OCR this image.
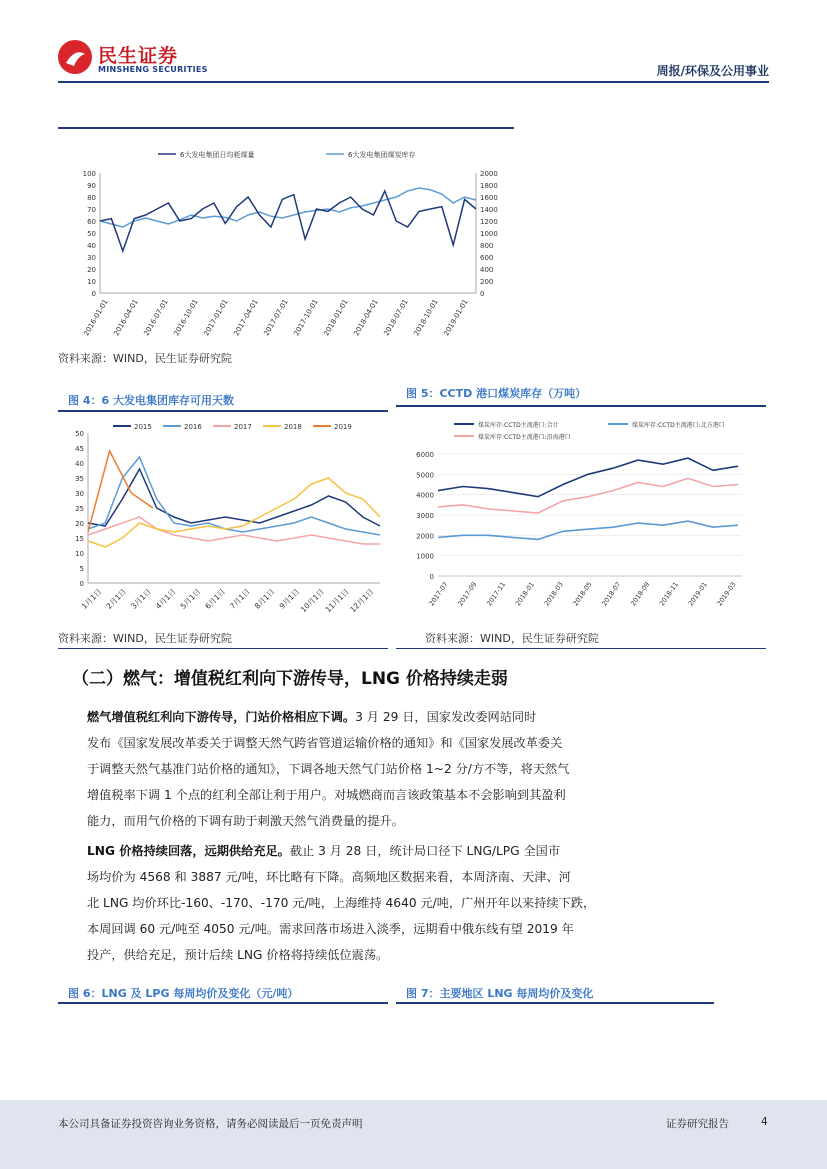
民生证券
MINSHENG SECURITIES	周报/环保及公用事业
6大发电集团日均耗煤量	6大发电集团煤炭库存
0
10
20
30
40
50
60
70
80
90
100
0
200
400
600
800
1000
1200
1400
1600
1800
2000
2016-01-01 2016-04-01 2016-07-01 2016-10-01 2017-01-01 2017-04-01 2017-07-01 2017-10-01 2018-01-01 2018-04-01 2018-07-01 2018-10-01 2019-01-01
资料来源：WIND，民生证券研究院
图 4：6 大发电集团库存可用天数
图 5：CCTD 港口煤炭库存（万吨）
2015	2016	2017	2018	2019
0
5
10
15
20
25
30
35
40
45
50
1月1日 2月1日 3月1日 4月1日 5月1日 6月1日 7月1日 8月1日 9月1日
10月1日
11月1日
12月1日
煤炭库存:CCTD主流港口:合计	煤炭库存:CCTD主流港口:北方港口
煤炭库存:CCTD主流港口:沿海港口
0
1000
2000
3000
4000
5000
6000
2017-07 2017-09 2017-11 2018-01 2018-03 2018-05 2018-07 2018-09 2018-11 2019-01 2019-03
资料来源：WIND，民生证券研究院	资料来源：WIND，民生证券研究院
（二）燃气：增值税红利向下游传导，LNG 价格持续走弱
燃气增值税红利向下游传导，门站价格相应下调。3 月 29 日，国家发改委网站同时
发布《国家发展改革委关于调整天然气跨省管道运输价格的通知》和《国家发展改革委关
于调整天然气基准门站价格的通知》，下调各地天然气门站价格 1~2 分/方不等，将天然气
增值税率下调 1 个点的红利全部让利于用户。对城燃商而言该政策基本不会影响到其盈利
能力，而用气价格的下调有助于刺激天然气消费量的提升。
LNG 价格持续回落，远期供给充足。截止 3 月 28 日，统计局口径下 LNG/LPG 全国市
场均价为 4568 和 3887 元/吨，环比略有下降。高频地区数据来看，本周济南、天津、河
北 LNG 均价环比-160、-170、-170 元/吨，上海维持 4640 元/吨，广州开年以来持续下跌，
本周回调 60 元/吨至 4050 元/吨。需求回落市场进入淡季，远期看中俄东线有望 2019 年
投产，供给充足，预计后续 LNG 价格将持续低位震荡。
图 6：LNG 及 LPG 每周均价及变化（元/吨）	图 7：主要地区 LNG 每周均价及变化
本公司具备证券投资咨询业务资格，请务必阅读最后一页免责声明	证券研究报告	4
